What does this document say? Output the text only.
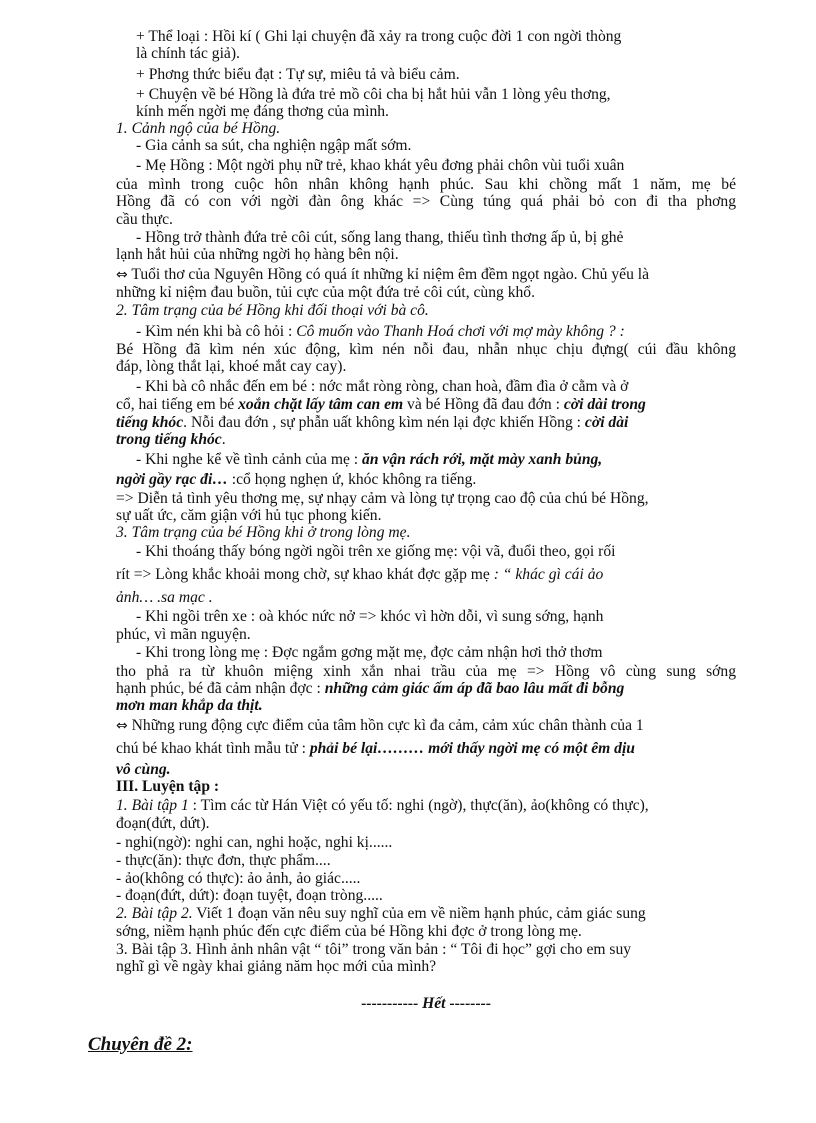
+ Thể loại : Hồi kí ( Ghi lại chuyện đã xảy ra trong cuộc đời 1 con ngời thòng

là chính tác giả).

+ Phơng thức biểu đạt : Tự sự, miêu tả và biểu cảm.

+ Chuyện về bé Hồng là đứa trẻ mồ côi cha bị hắt hủi vẫn 1 lòng yêu thơng,

kính mến ngời mẹ đáng thơng của mình.

1. Cảnh ngộ của bé Hồng.

- Gia cảnh sa sút, cha nghiện ngập mất sớm.

- Mẹ Hồng : Một ngời phụ nữ trẻ, khao khát yêu đơng phải chôn vùi tuổi xuân

của mình trong cuộc hôn nhân không hạnh phúc. Sau khi chồng mất 1 năm, mẹ bé

Hồng đã có con với ngời đàn ông khác => Cùng túng quá phải bỏ con đi tha phơng

cầu thực.

- Hồng trở thành đứa trẻ côi cút, sống lang thang, thiếu tình thơng ấp ủ, bị ghẻ

lạnh hắt hủi của những ngời họ hàng bên nội.

⇔ Tuổi thơ của Nguyên Hồng có quá ít những kỉ niệm êm đềm ngọt ngào. Chủ yếu là

những kỉ niệm đau buồn, tủi cực của một đứa trẻ côi cút, cùng khổ.

2. Tâm trạng của bé Hồng khi đối thoại với bà cô.

- Kìm nén khi bà cô hỏi : Cô muốn vào Thanh Hoá chơi với mợ mày không ? :

Bé Hồng đã kìm nén xúc động, kìm nén nỗi đau, nhẫn nhục chịu đựng( cúi đầu không

đáp, lòng thắt lại, khoé mắt cay cay).

- Khi bà cô nhắc đến em bé : nớc mắt ròng ròng, chan hoà, đầm đìa ở cằm và ở

cổ, hai tiếng em bé xoắn chặt lấy tâm can em và bé Hồng đã đau đớn : cời dài trong

tiếng khóc. Nỗi đau đớn , sự phẫn uất không kìm nén lại đợc khiến Hồng : cời dài

trong tiếng khóc.

- Khi nghe kể về tình cảnh của mẹ : ăn vận rách rới, mặt mày xanh bủng,

ngời gầy rạc đi… :cổ họng nghẹn ứ, khóc không ra tiếng.

=> Diễn tả tình yêu thơng mẹ, sự nhạy cảm và lòng tự trọng cao độ của chú bé Hồng,

sự uất ức, căm giận với hủ tục phong kiến.

3. Tâm trạng của bé Hồng khi ở trong lòng mẹ.

- Khi thoáng thấy bóng ngời ngồi trên xe giống mẹ: vội vã, đuổi theo, gọi rối

rít => Lòng khắc khoải mong chờ, sự khao khát đợc gặp mẹ : “ khác gì cái ảo

ảnh… .sa mạc .

- Khi ngồi trên xe : oà khóc nức nở => khóc vì hờn dỗi, vì sung sớng, hạnh

phúc, vì mãn nguyện.

- Khi trong lòng mẹ : Đợc ngắm gơng mặt mẹ, đợc cảm nhận hơi thở thơm

tho phả ra từ khuôn miệng xinh xắn nhai trầu của mẹ => Hồng vô cùng sung sớng

hạnh phúc, bé đã cảm nhận đợc : những cảm giác ấm áp đã bao lâu mất đi bỗng

mơn man khắp da thịt.

⇔ Những rung động cực điểm của tâm hồn cực kì đa cảm, cảm xúc chân thành của 1

chú bé khao khát tình mẫu tử : phải bé lại……… mới thấy ngời mẹ có một êm dịu

vô cùng.

III. Luyện tập :

1. Bài tập 1 : Tìm các từ Hán Việt có yếu tố: nghi (ngờ), thực(ăn), ảo(không có thực),

đoạn(đứt, dứt).

- nghi(ngờ): nghi can, nghi hoặc, nghi kị......

- thực(ăn): thực đơn, thực phẩm....

- ảo(không có thực): ảo ảnh, ảo giác.....

- đoạn(đứt, dứt): đoạn tuyệt, đoạn tròng.....

2. Bài tập 2. Viết 1 đoạn văn nêu suy nghĩ của em về niềm hạnh phúc, cảm giác sung

sớng, niềm hạnh phúc đến cực điểm của bé Hồng khi đợc ở trong lòng mẹ.

3. Bài tập 3. Hình ảnh nhân vật “ tôi” trong văn bản : “ Tôi đi học” gợi cho em suy

nghĩ gì về ngày khai giảng năm học mới của mình?

----------- Hết --------

Chuyên đề 2:
